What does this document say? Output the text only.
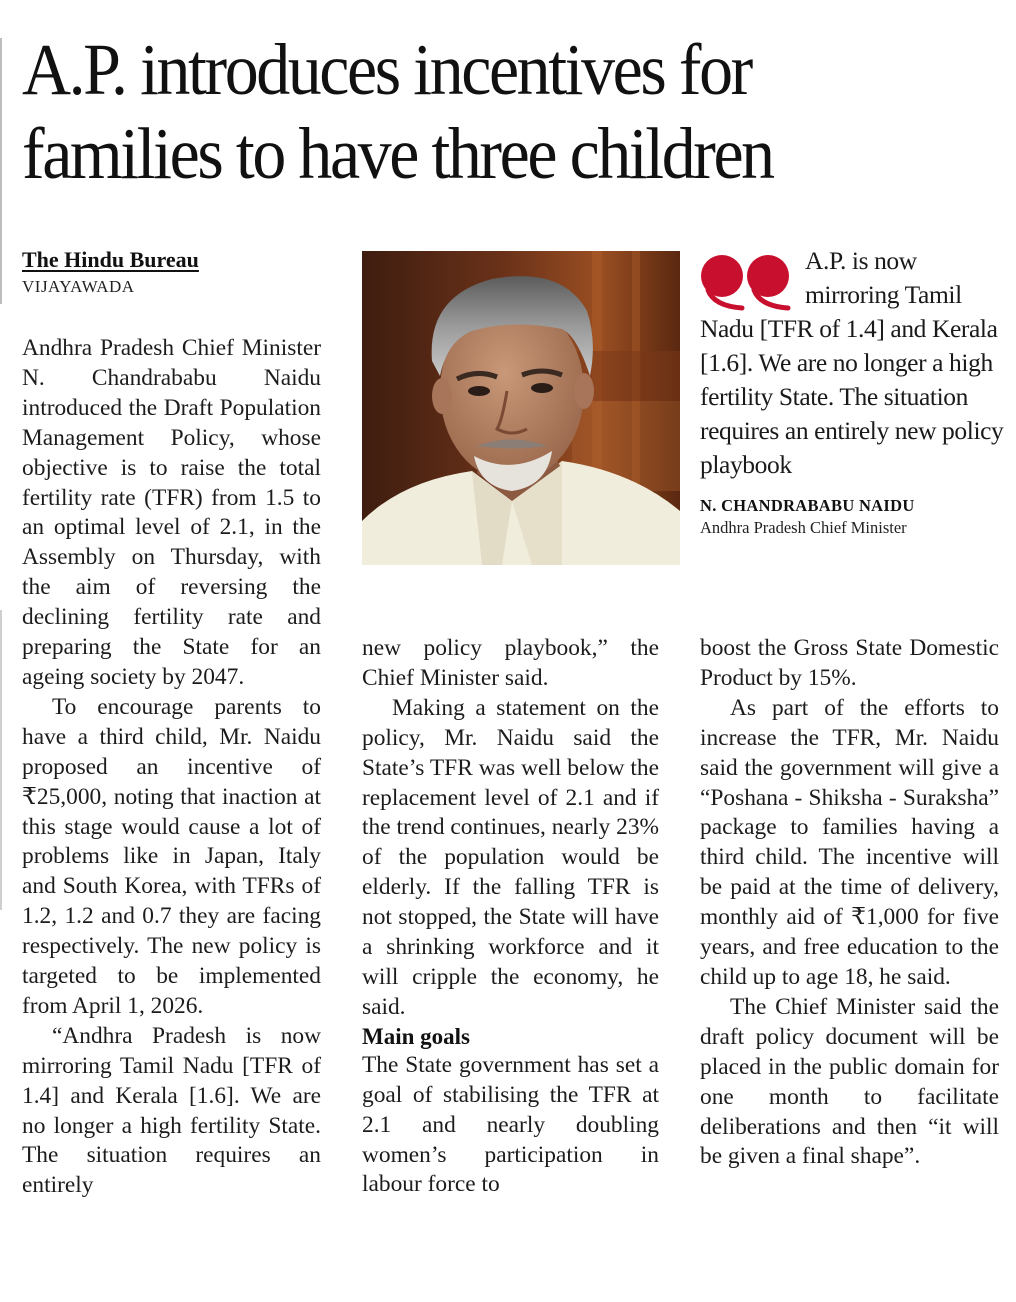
A.P. introduces incentives for
families to have three children
The Hindu Bureau
VIJAYAWADA

Andhra Pradesh Chief Minister N. Chandrababu Naidu introduced the Draft Population Management Policy, whose objective is to raise the total fertility rate (TFR) from 1.5 to an optimal level of 2.1, in the Assembly on Thursday, with the aim of reversing the declining fertility rate and preparing the State for an ageing society by 2047.

To encourage parents to have a third child, Mr. Naidu proposed an incentive of ₹25,000, noting that inaction at this stage would cause a lot of problems like in Japan, Italy and South Korea, with TFRs of 1.2, 1.2 and 0.7 they are facing respectively. The new policy is targeted to be implemented from April 1, 2026.

“Andhra Pradesh is now mirroring Tamil Nadu [TFR of 1.4] and Kerala [1.6]. We are no longer a high fertility State. The situation requires an entirely

A.P. is now
mirroring Tamil
Nadu [TFR of 1.4] and Kerala [1.6]. We are no longer a high fertility State. The situation requires an entirely new policy playbook

N. CHANDRABABU NAIDU
Andhra Pradesh Chief Minister

new policy playbook,” the Chief Minister said.

Making a statement on the policy, Mr. Naidu said the State’s TFR was well below the replacement level of 2.1 and if the trend continues, nearly 23% of the population would be elderly. If the falling TFR is not stopped, the State will have a shrinking workforce and it will cripple the economy, he said.

Main goals

The State government has set a goal of stabilising the TFR at 2.1 and nearly doubling women’s participation in labour force to

boost the Gross State Domestic Product by 15%.

As part of the efforts to increase the TFR, Mr. Naidu said the government will give a “Poshana - Shiksha - Suraksha” package to families having a third child. The incentive will be paid at the time of delivery, monthly aid of ₹1,000 for five years, and free education to the child up to age 18, he said.

The Chief Minister said the draft policy document will be placed in the public domain for one month to facilitate deliberations and then “it will be given a final shape”.
